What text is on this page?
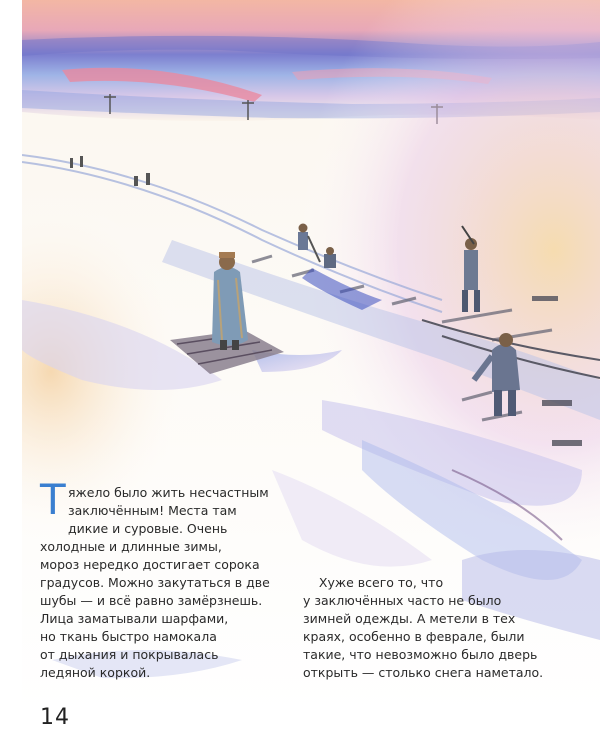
Т яжело было жить несчастным
заключённым! Места там
дикие и суровые. Очень
холодные и длинные зимы,
мороз нередко достигает сорока
градусов. Можно закутаться в две
шубы — и всё равно замёрзнешь.
Лица заматывали шарфами,
но ткань быстро намокала
от дыхания и покрывалась
ледяной коркой.
Хуже всего то, что
у заключённых часто не было
зимней одежды. А метели в тех
краях, особенно в феврале, были
такие, что невозможно было дверь
открыть — столько снега наметало.
14
